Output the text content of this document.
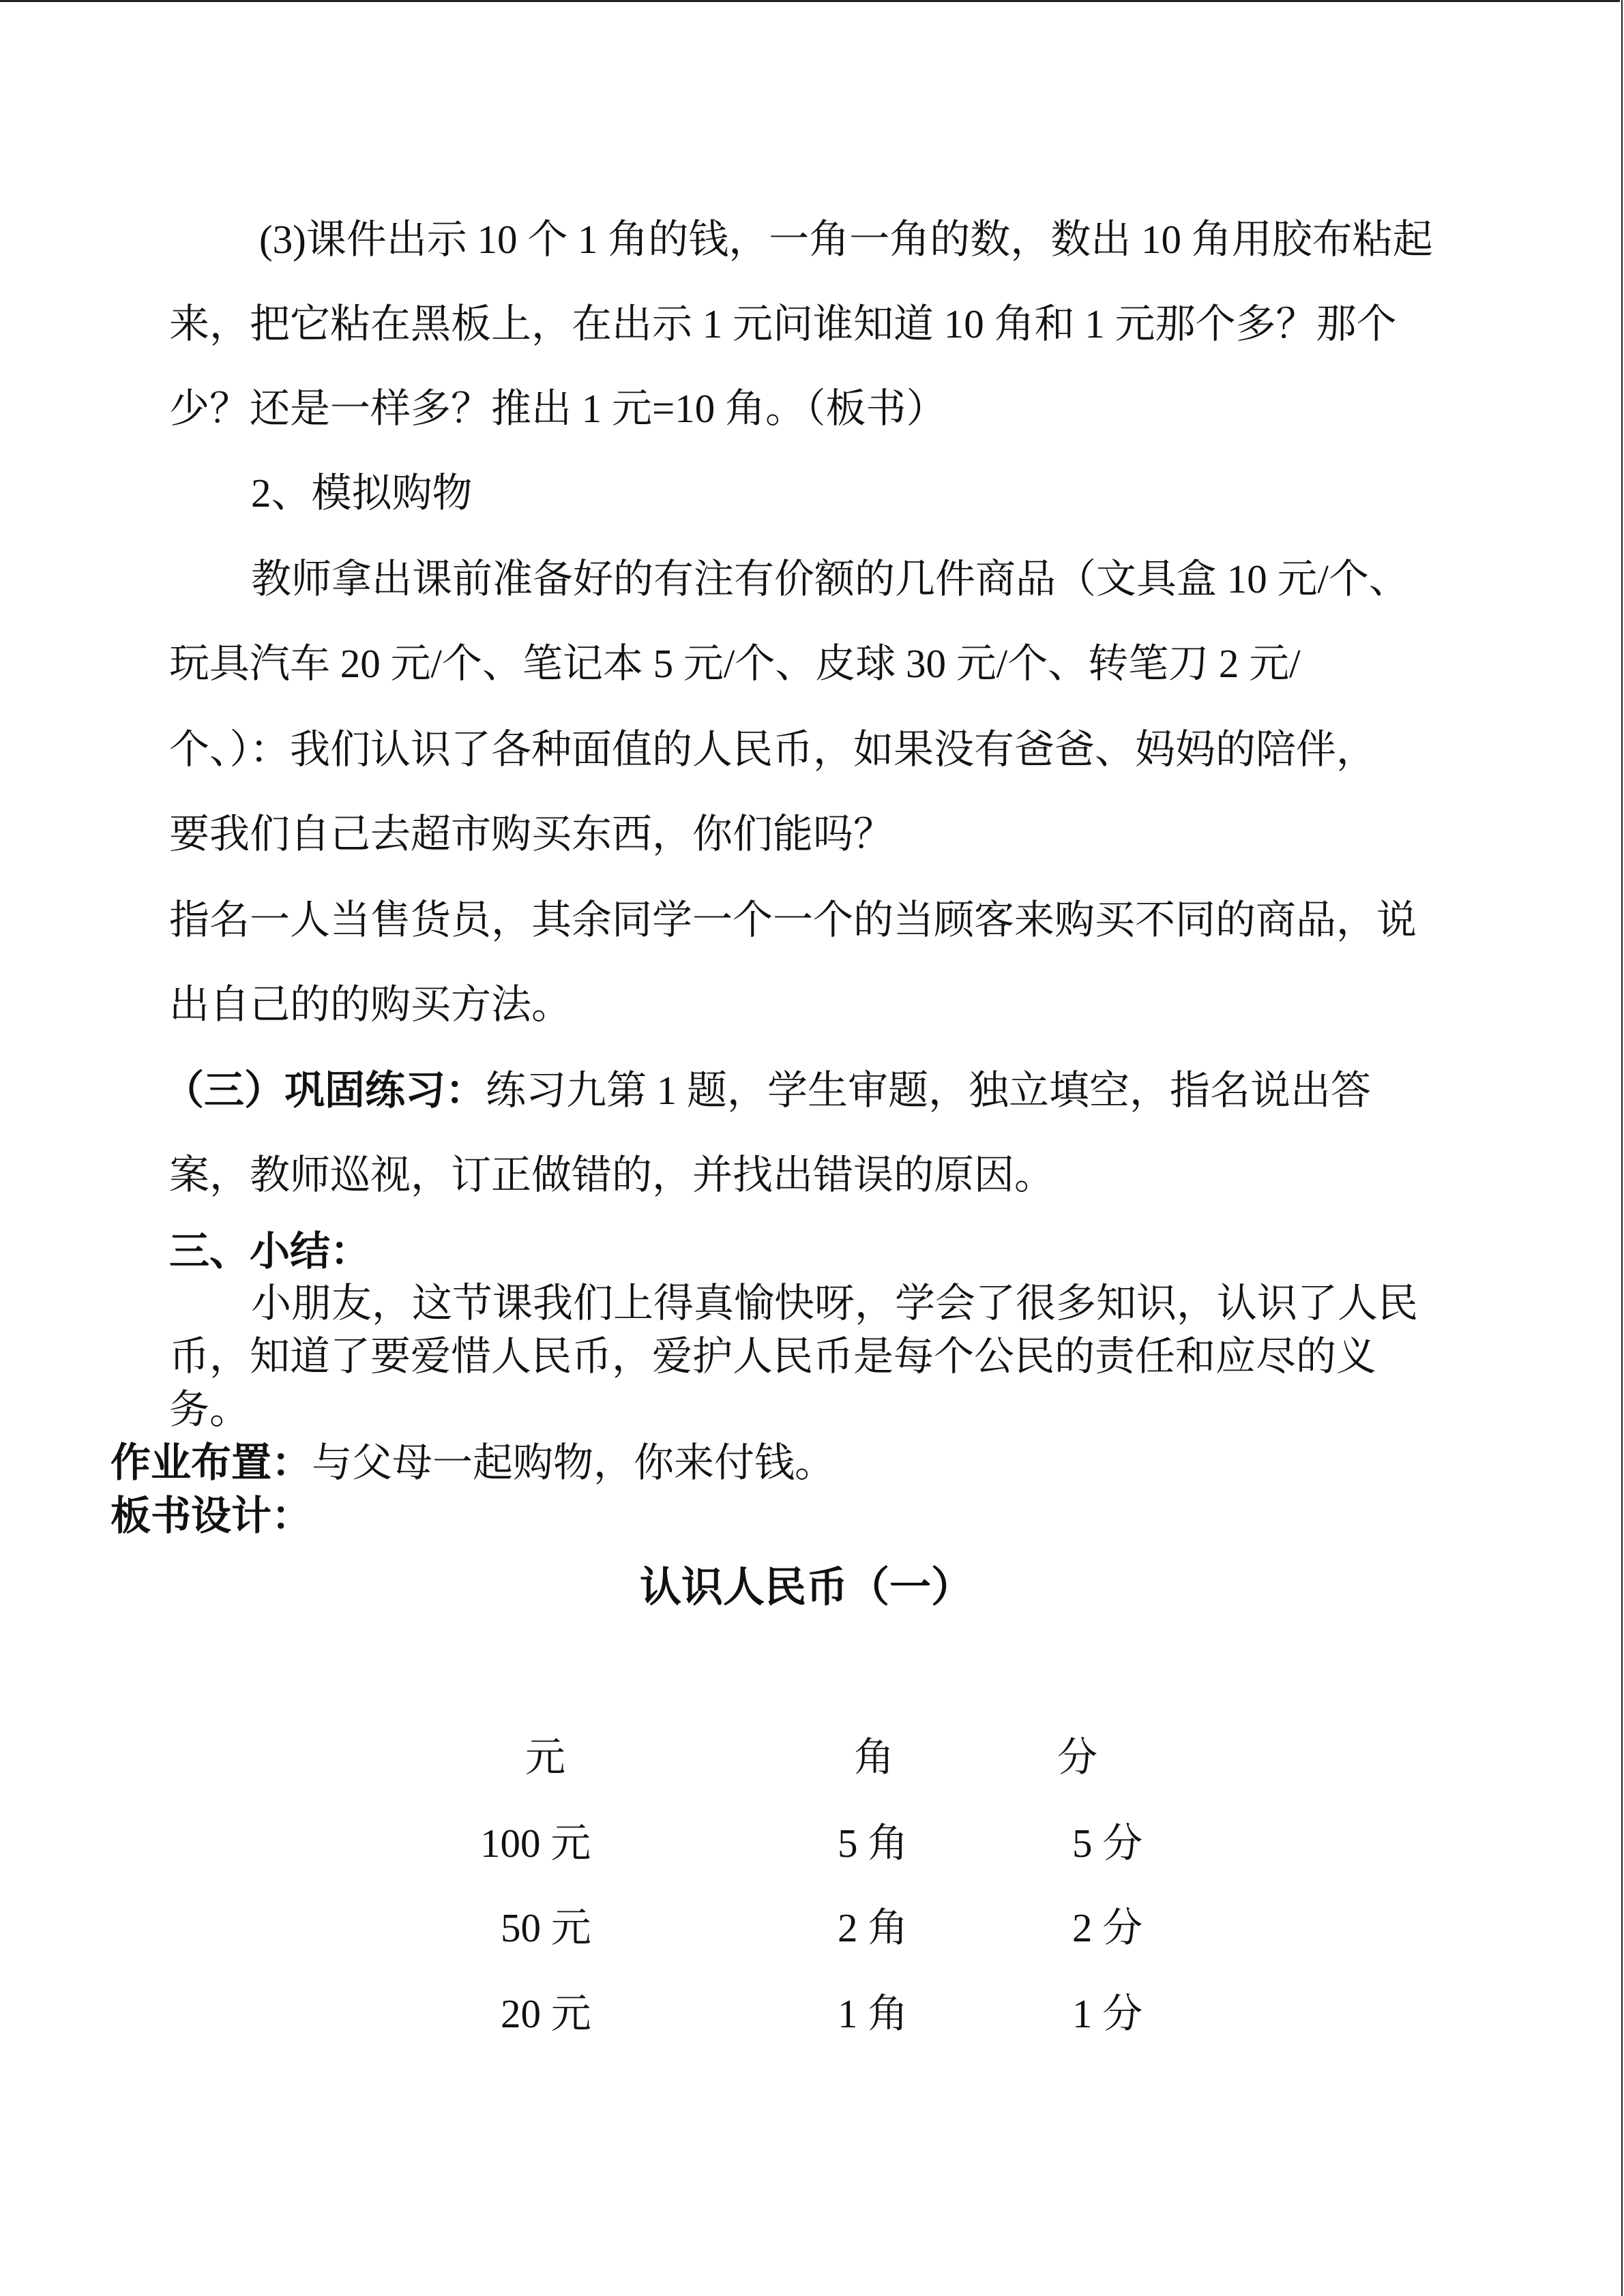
(3)课件出示 10 个 1 角的钱，一角一角的数，数出 10 角用胶布粘起
来，把它粘在黑板上，在出示 1 元问谁知道 10 角和 1 元那个多？那个
少？还是一样多？推出 1 元=10 角。（板书）
2、模拟购物
教师拿出课前准备好的有注有价额的几件商品（文具盒 10 元/个、
玩具汽车 20 元/个、笔记本 5 元/个、皮球 30 元/个、转笔刀 2 元/
个、）：我们认识了各种面值的人民币，如果没有爸爸、妈妈的陪伴，
要我们自己去超市购买东西，你们能吗？
指名一人当售货员，其余同学一个一个的当顾客来购买不同的商品，说
出自己的的购买方法。
（三）巩固练习：练习九第 1 题，学生审题，独立填空，指名说出答
案，教师巡视，订正做错的，并找出错误的原因。
三、小结：
小朋友，这节课我们上得真愉快呀，学会了很多知识，认识了人民
币，知道了要爱惜人民币，爱护人民币是每个公民的责任和应尽的义
务。
作业布置：与父母一起购物，你来付钱。
板书设计：
认识人民币（一）
元	角	分
100 元	5 角	5 分
50 元	2 角	2 分
20 元	1 角	1 分
